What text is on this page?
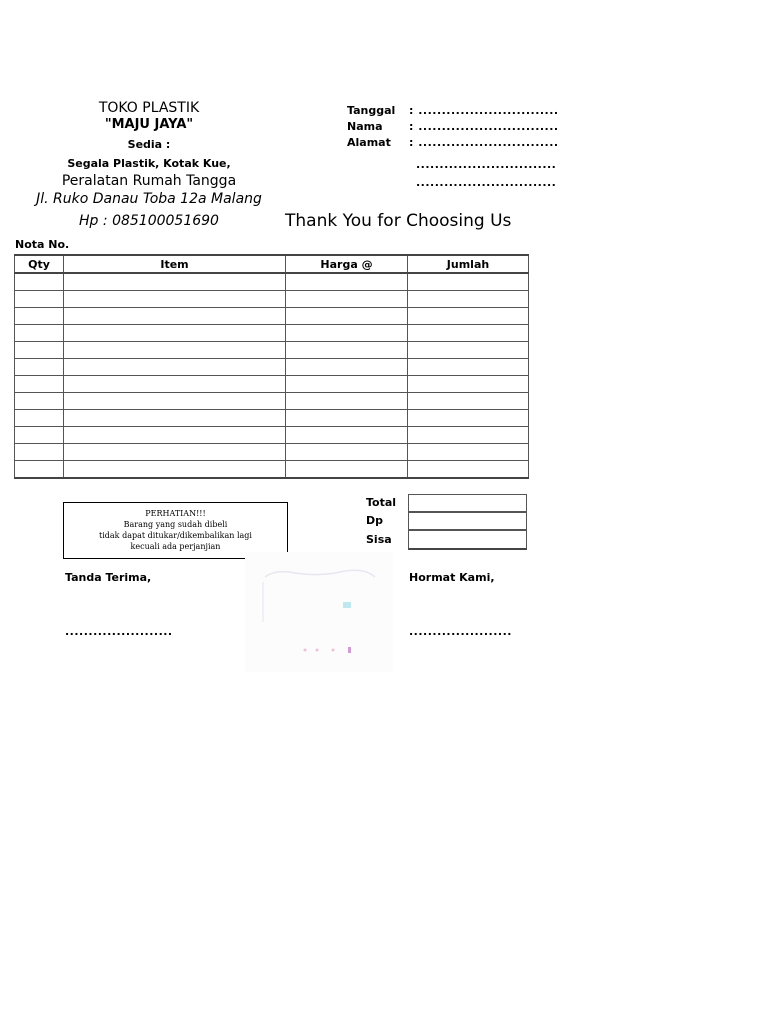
TOKO PLASTIK
"MAJU JAYA"
Sedia :
Segala Plastik, Kotak Kue,
Peralatan Rumah Tangga
Jl. Ruko Danau Toba 12a Malang
Hp : 085100051690
Tanggal : ..............................
Nama : ..............................
Alamat : ..............................
..............................
..............................
Thank You for Choosing Us
Nota No.
Qty	Item	Harga @	Jumlah

PERHATIAN!!!
Barang yang sudah dibeli
tidak dapat ditukar/dikembalikan lagi
kecuali ada perjanjian
Total
Dp
Sisa
Tanda Terima,
.......................
Hormat Kami,
......................
